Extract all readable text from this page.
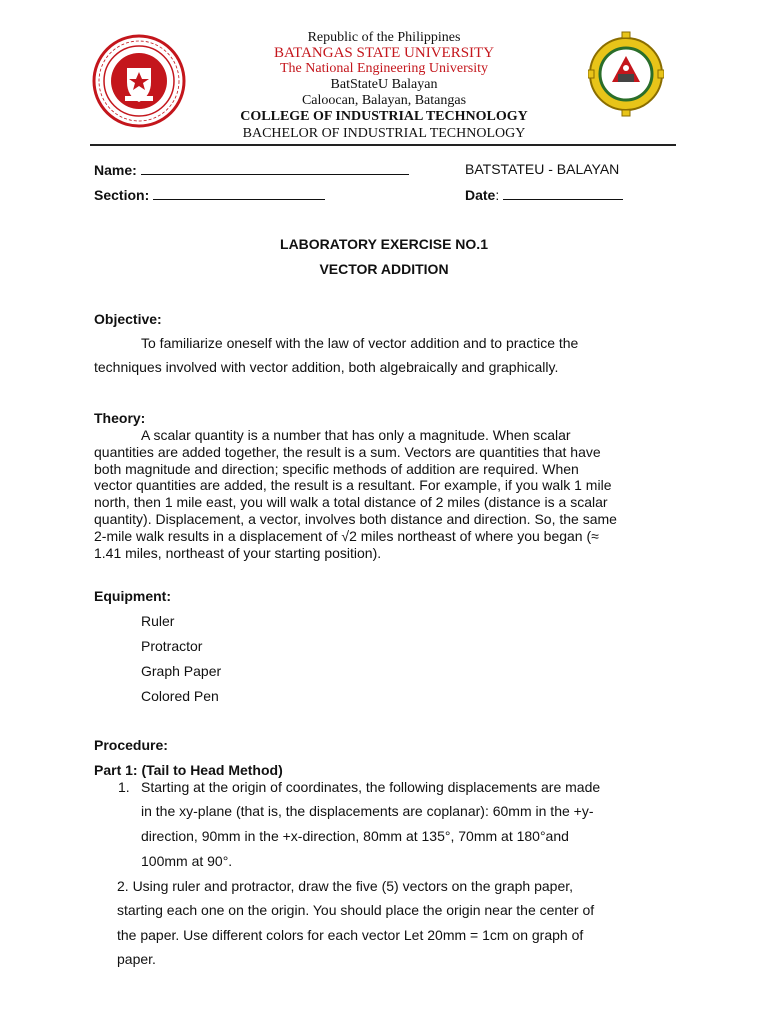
Republic of the Philippines
BATANGAS STATE UNIVERSITY
The National Engineering University
BatStateU Balayan
Caloocan, Balayan, Batangas
COLLEGE OF INDUSTRIAL TECHNOLOGY
BACHELOR OF INDUSTRIAL TECHNOLOGY
Name:	BATSTATEU - BALAYAN
Section:	Date:
LABORATORY EXERCISE NO.1
VECTOR ADDITION
Objective:
To familiarize oneself with the law of vector addition and to practice the
techniques involved with vector addition, both algebraically and graphically.
Theory:
A scalar quantity is a number that has only a magnitude. When scalar
quantities are added together, the result is a sum. Vectors are quantities that have
both magnitude and direction; specific methods of addition are required. When
vector quantities are added, the result is a resultant. For example, if you walk 1 mile
north, then 1 mile east, you will walk a total distance of 2 miles (distance is a scalar
quantity). Displacement, a vector, involves both distance and direction. So, the same
2-mile walk results in a displacement of √2 miles northeast of where you began (≈
1.41 miles, northeast of your starting position).
Equipment:
Ruler
Protractor
Graph Paper
Colored Pen
Procedure:
Part 1: (Tail to Head Method)
1. Starting at the origin of coordinates, the following displacements are made
in the xy-plane (that is, the displacements are coplanar): 60mm in the +y-
direction, 90mm in the +x-direction, 80mm at 135°, 70mm at 180°and
100mm at 90°.
2. Using ruler and protractor, draw the five (5) vectors on the graph paper,
starting each one on the origin. You should place the origin near the center of
the paper. Use different colors for each vector Let 20mm = 1cm on graph of
paper.
